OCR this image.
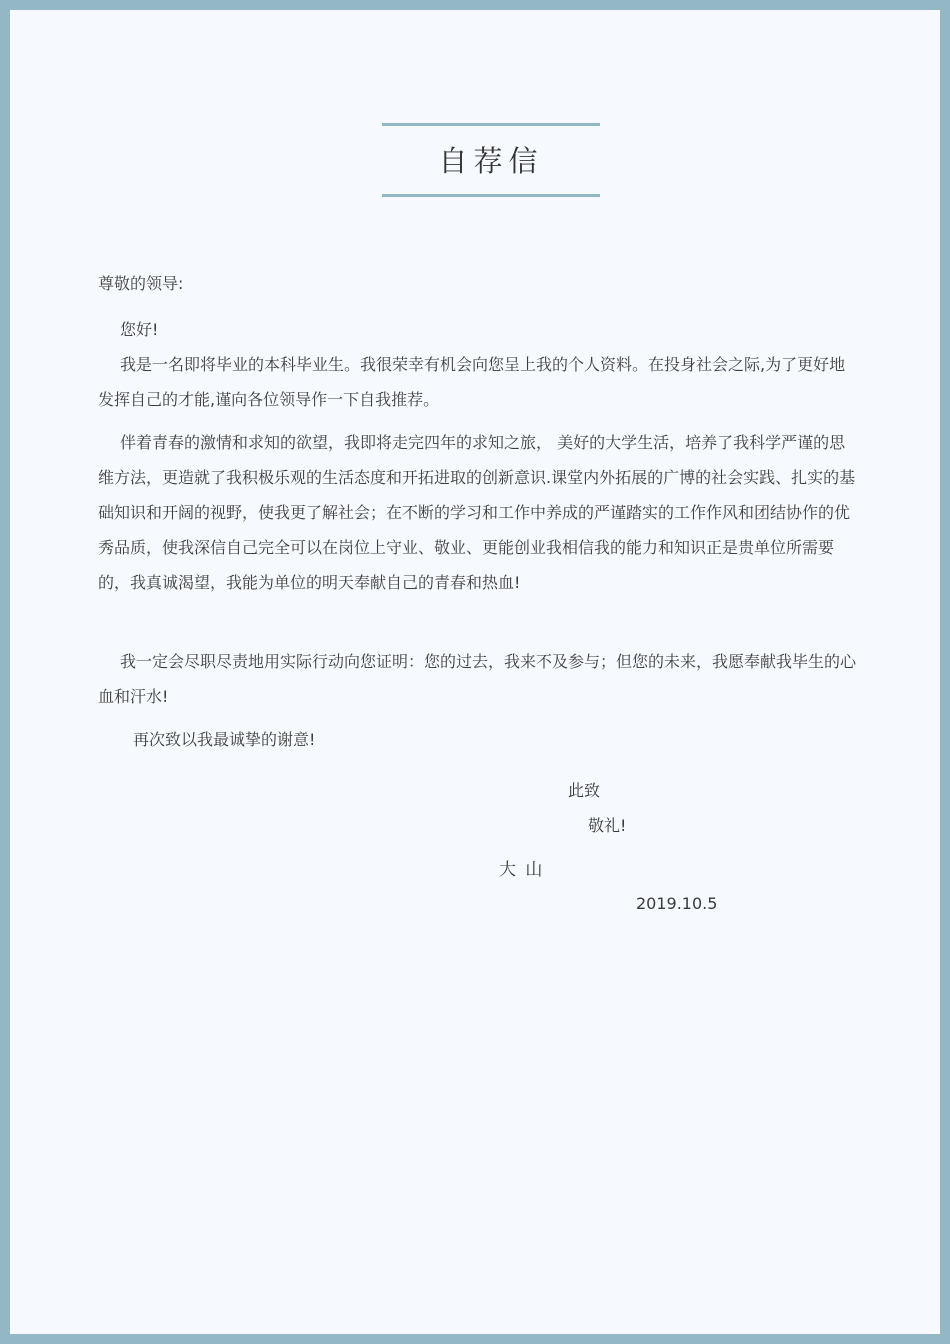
自荐信
尊敬的领导:
您好!
我是一名即将毕业的本科毕业生。我很荣幸有机会向您呈上我的个人资料。在投身社会之际,为了更好地发挥自己的才能,谨向各位领导作一下自我推荐。
伴着青春的激情和求知的欲望，我即将走完四年的求知之旅， 美好的大学生活，培养了我科学严谨的思维方法，更造就了我积极乐观的生活态度和开拓进取的创新意识.课堂内外拓展的广博的社会实践、扎实的基础知识和开阔的视野，使我更了解社会；在不断的学习和工作中养成的严谨踏实的工作作风和团结协作的优秀品质，使我深信自己完全可以在岗位上守业、敬业、更能创业我相信我的能力和知识正是贵单位所需要的，我真诚渴望，我能为单位的明天奉献自己的青春和热血!
我一定会尽职尽责地用实际行动向您证明：您的过去，我来不及参与；但您的未来，我愿奉献我毕生的心血和汗水!
再次致以我最诚挚的谢意!
此致
敬礼!
大 山
2019.10.5
